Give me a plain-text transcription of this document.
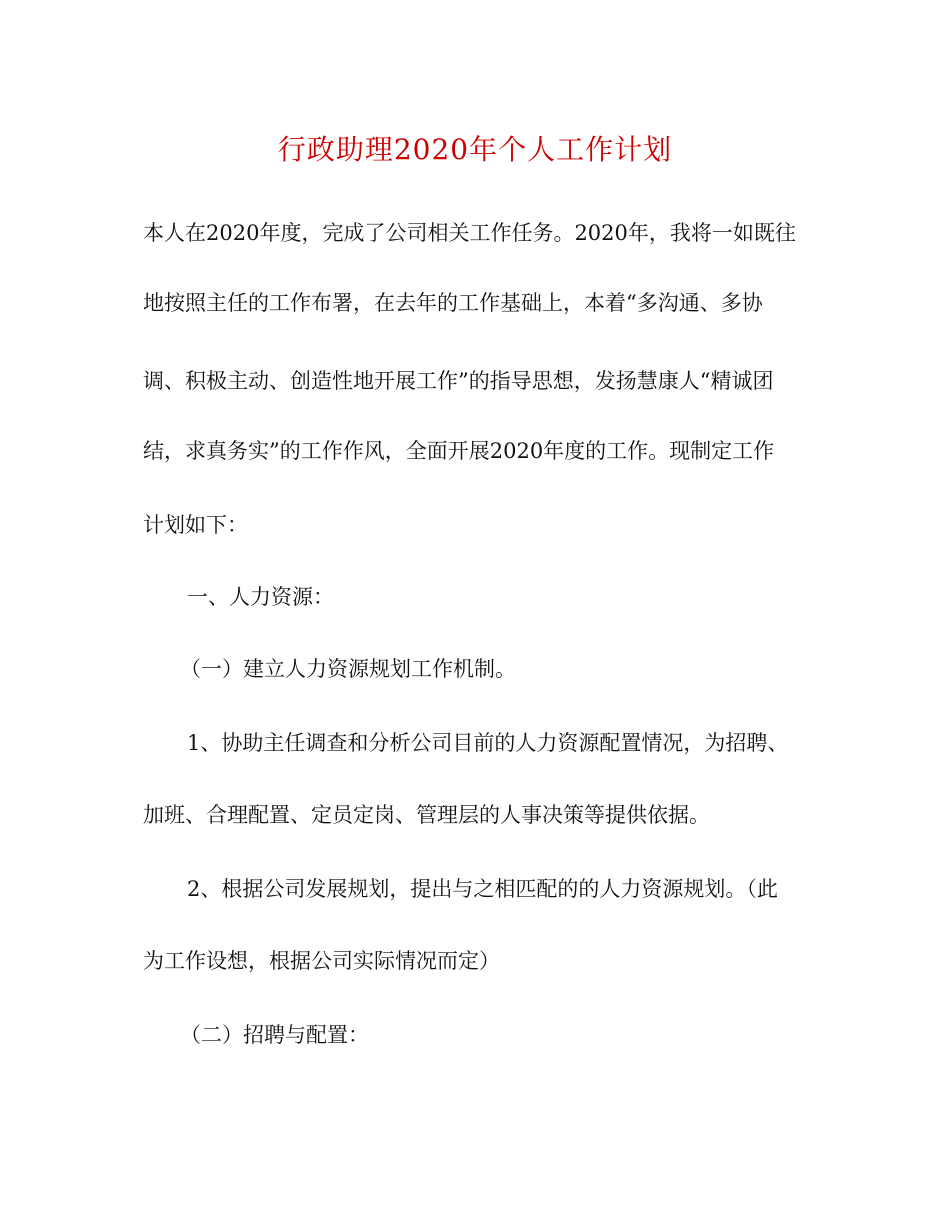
行政助理2020年个人工作计划

本人在2020年度，完成了公司相关工作任务。2020年，我将一如既往

地按照主任的工作布署，在去年的工作基础上，本着“多沟通、多协

调、积极主动、创造性地开展工作”的指导思想，发扬慧康人“精诚团

结，求真务实”的工作作风，全面开展2020年度的工作。现制定工作

计划如下：

一、人力资源：

（一）建立人力资源规划工作机制。

1、协助主任调查和分析公司目前的人力资源配置情况，为招聘、

加班、合理配置、定员定岗、管理层的人事决策等提供依据。

2、根据公司发展规划，提出与之相匹配的的人力资源规划。（此

为工作设想，根据公司实际情况而定）

（二）招聘与配置：
